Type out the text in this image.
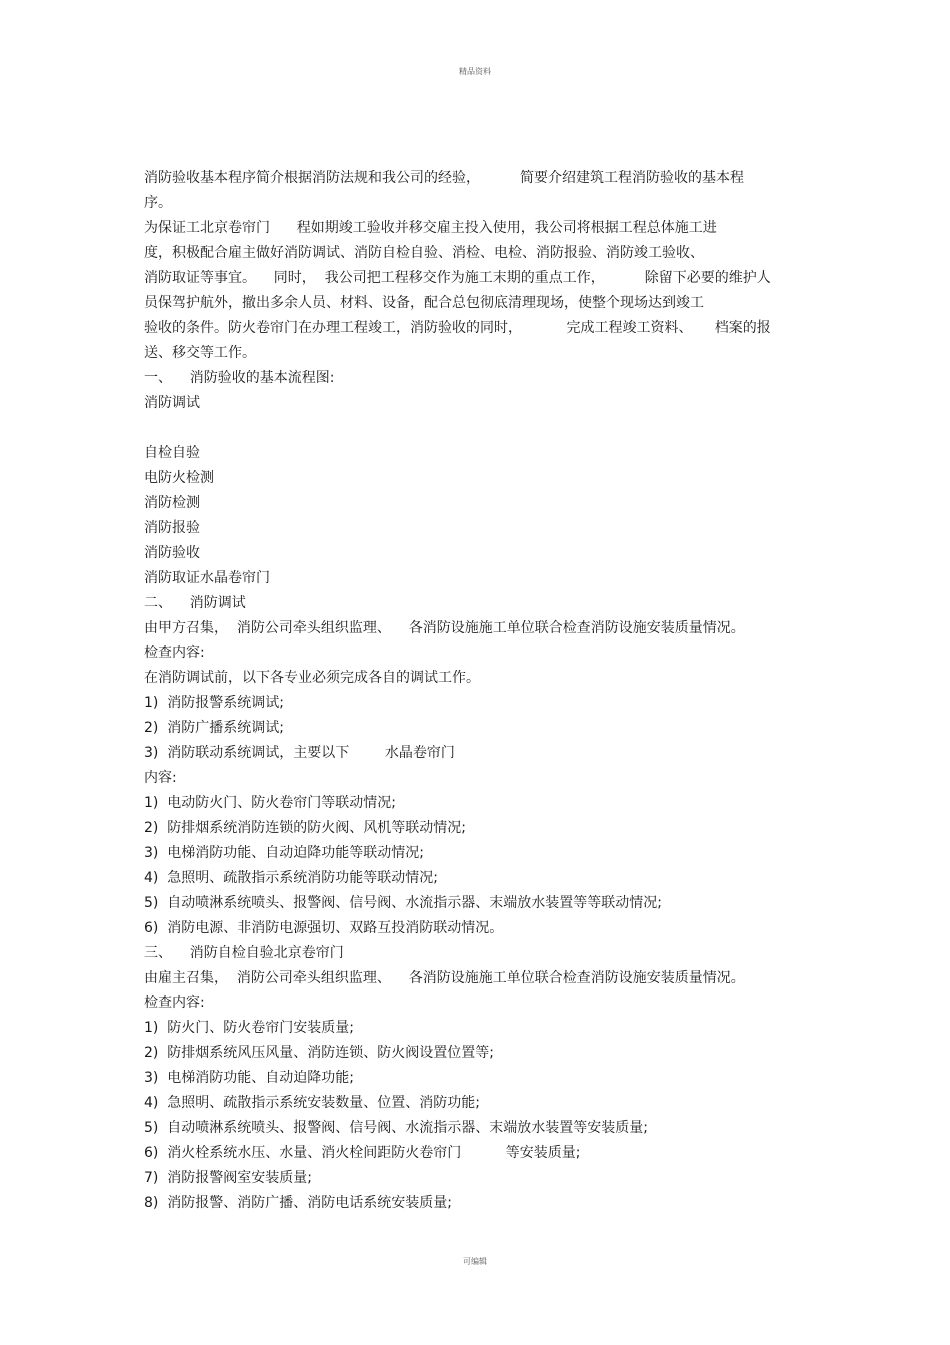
精品资料
消防验收基本程序简介根据消防法规和我公司的经验，         简要介绍建筑工程消防验收的基本程
序。
为保证工北京卷帘门      程如期竣工验收并移交雇主投入使用，我公司将根据工程总体施工进
度，积极配合雇主做好消防调试、消防自检自验、消检、电检、消防报验、消防竣工验收、
消防取证等事宜。    同时，  我公司把工程移交作为施工末期的重点工作，         除留下必要的维护人
员保驾护航外，撤出多余人员、材料、设备，配合总包彻底清理现场，使整个现场达到竣工
验收的条件。防火卷帘门在办理工程竣工，消防验收的同时，          完成工程竣工资料、     档案的报
送、移交等工作。
一、    消防验收的基本流程图:
消防调试
自检自验
电防火检测
消防检测
消防报验
消防验收
消防取证水晶卷帘门
二、    消防调试
由甲方召集，  消防公司牵头组织监理、    各消防设施施工单位联合检查消防设施安装质量情况。
检查内容:
在消防调试前，以下各专业必须完成各自的调试工作。
1)  消防报警系统调试;
2)  消防广播系统调试;
3)  消防联动系统调试，主要以下        水晶卷帘门
内容:
1)  电动防火门、防火卷帘门等联动情况;
2)  防排烟系统消防连锁的防火阀、风机等联动情况;
3)  电梯消防功能、自动迫降功能等联动情况;
4)  急照明、疏散指示系统消防功能等联动情况;
5)  自动喷淋系统喷头、报警阀、信号阀、水流指示器、末端放水装置等等联动情况;
6)  消防电源、非消防电源强切、双路互投消防联动情况。
三、    消防自检自验北京卷帘门
由雇主召集，  消防公司牵头组织监理、    各消防设施施工单位联合检查消防设施安装质量情况。
检查内容:
1)  防火门、防火卷帘门安装质量;
2)  防排烟系统风压风量、消防连锁、防火阀设置位置等;
3)  电梯消防功能、自动迫降功能;
4)  急照明、疏散指示系统安装数量、位置、消防功能;
5)  自动喷淋系统喷头、报警阀、信号阀、水流指示器、末端放水装置等安装质量;
6)  消火栓系统水压、水量、消火栓间距防火卷帘门          等安装质量;
7)  消防报警阀室安装质量;
8)  消防报警、消防广播、消防电话系统安装质量;
可编辑
